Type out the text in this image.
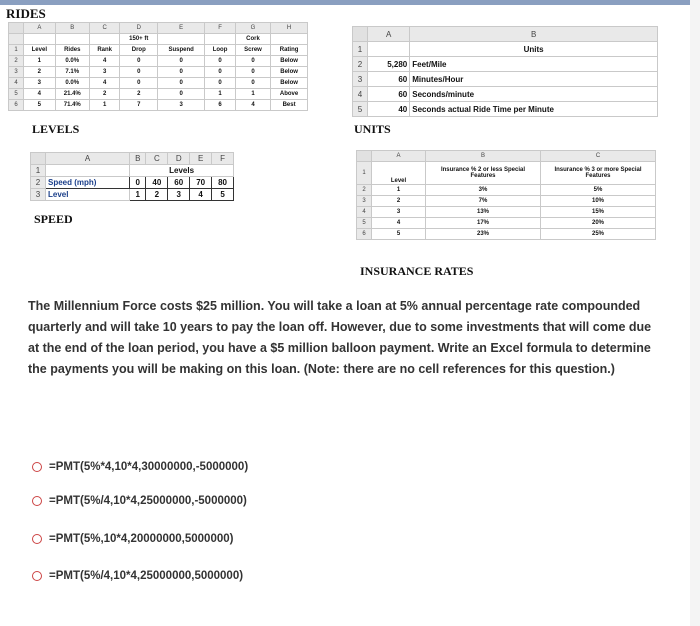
RIDES
	A	B	C	D	E	F	G	H
				150+ ft			Cork	
1	Level	Rides	Rank	Drop	Suspend	Loop	Screw	Rating
2	1	0.0%	4	0	0	0	0	Below
3	2	7.1%	3	0	0	0	0	Below
4	3	0.0%	4	0	0	0	0	Below
5	4	21.4%	2	2	0	1	1	Above
6	5	71.4%	1	7	3	6	4	Best
LEVELS
	A	B
1		Units
2	5,280	Feet/Mile
3	60	Minutes/Hour
4	60	Seconds/minute
5	40	Seconds actual Ride Time per Minute
UNITS
	A	B	C	D	E	F
1		Levels				
2	Speed (mph)	0	40	60	70	80
3	Level	1	2	3	4	5
SPEED
	A	B	C
1	Level	Insurance % 2 or less Special Features	Insurance % 3 or more Special Features
2	1	3%	5%
3	2	7%	10%
4	3	13%	15%
5	4	17%	20%
6	5	23%	25%
INSURANCE RATES
The Millennium Force costs $25 million. You will take a loan at 5% annual percentage rate compounded quarterly and will take 10 years to pay the loan off. However, due to some investments that will come due at the end of the loan period, you have a $5 million balloon payment. Write an Excel formula to determine the payments you will be making on this loan. (Note: there are no cell references for this question.)
=PMT(5%*4,10*4,30000000,-5000000)
=PMT(5%/4,10*4,25000000,-5000000)
=PMT(5%,10*4,20000000,5000000)
=PMT(5%/4,10*4,25000000,5000000)
